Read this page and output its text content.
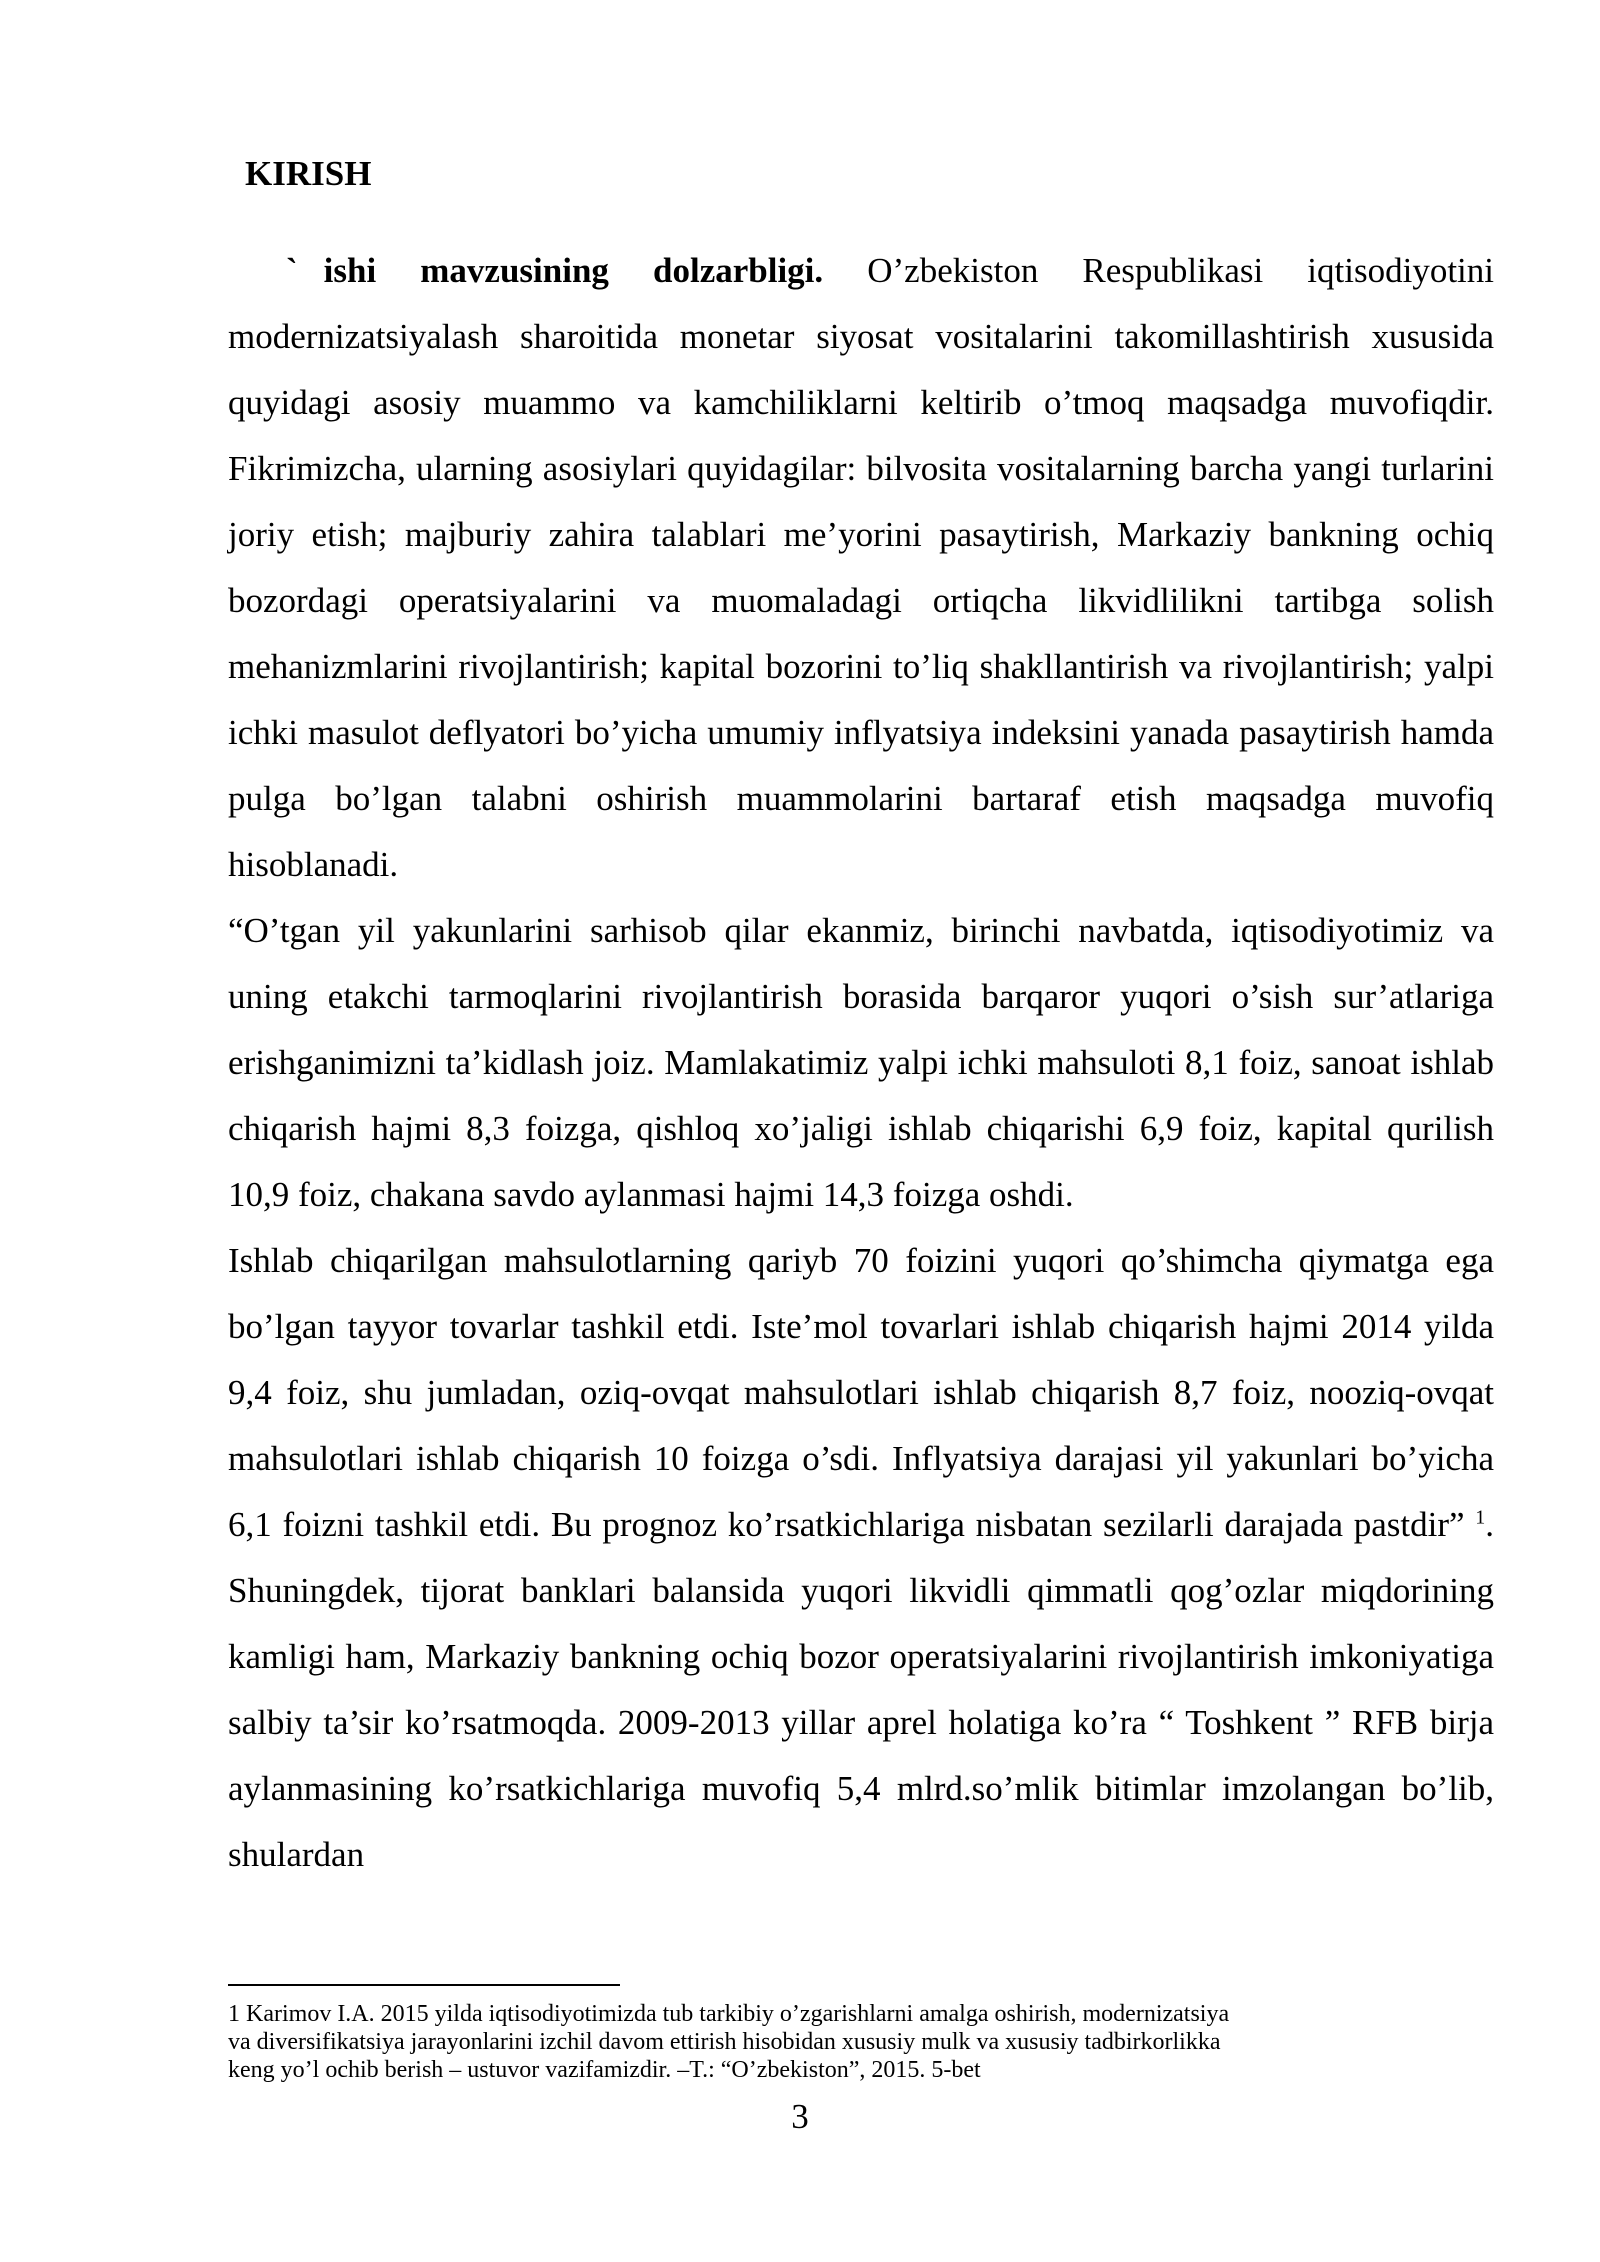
KIRISH

` ishi mavzusining dolzarbligi. O’zbekiston Respublikasi iqtisodiyotini modernizatsiyalash sharoitida monetar siyosat vositalarini takomillashtirish xususida quyidagi asosiy muammo va kamchiliklarni keltirib o’tmoq maqsadga muvofiqdir. Fikrimizcha, ularning asosiylari quyidagilar: bilvosita vositalarning barcha yangi turlarini joriy etish; majburiy zahira talablari me’yorini pasaytirish, Markaziy bankning ochiq bozordagi operatsiyalarini va muomaladagi ortiqcha likvidlilikni tartibga solish mehanizmlarini rivojlantirish; kapital bozorini to’liq shakllantirish va rivojlantirish; yalpi ichki masulot deflyatori bo’yicha umumiy inflyatsiya indeksini yanada pasaytirish hamda pulga bo’lgan talabni oshirish muammolarini bartaraf etish maqsadga muvofiq hisoblanadi.

“O’tgan yil yakunlarini sarhisob qilar ekanmiz, birinchi navbatda, iqtisodiyotimiz va uning etakchi tarmoqlarini rivojlantirish borasida barqaror yuqori o’sish sur’atlariga erishganimizni ta’kidlash joiz. Mamlakatimiz yalpi ichki mahsuloti 8,1 foiz, sanoat ishlab chiqarish hajmi 8,3 foizga, qishloq xo’jaligi ishlab chiqarishi 6,9 foiz, kapital qurilish 10,9 foiz, chakana savdo aylanmasi hajmi 14,3 foizga oshdi.

Ishlab chiqarilgan mahsulotlarning qariyb 70 foizini yuqori qo’shimcha qiymatga ega bo’lgan tayyor tovarlar tashkil etdi. Iste’mol tovarlari ishlab chiqarish hajmi 2014 yilda 9,4 foiz, shu jumladan, oziq-ovqat mahsulotlari ishlab chiqarish 8,7 foiz, nooziq-ovqat mahsulotlari ishlab chiqarish 10 foizga o’sdi. Inflyatsiya darajasi yil yakunlari bo’yicha 6,1 foizni tashkil etdi. Bu prognoz ko’rsatkichlariga nisbatan sezilarli darajada pastdir” $^1$. Shuningdek, tijorat banklari balansida yuqori likvidli qimmatli qog’ozlar miqdorining kamligi ham, Markaziy bankning ochiq bozor operatsiyalarini rivojlantirish imkoniyatiga salbiy ta’sir ko’rsatmoqda. 2009-2013 yillar aprel holatiga ko’ra “ Toshkent ” RFB birja aylanmasining ko’rsatkichlariga muvofiq 5,4 mlrd.so’mlik bitimlar imzolangan bo’lib, shulardan

1 Karimov I.A. 2015 yilda iqtisodiyotimizda tub tarkibiy o’zgarishlarni amalga oshirish, modernizatsiya

va diversifikatsiya jarayonlarini izchil davom ettirish hisobidan xususiy mulk va xususiy tadbirkorlikka

keng yo’l ochib berish – ustuvor vazifamizdir. –T.: “O’zbekiston”, 2015. 5-bet

3
